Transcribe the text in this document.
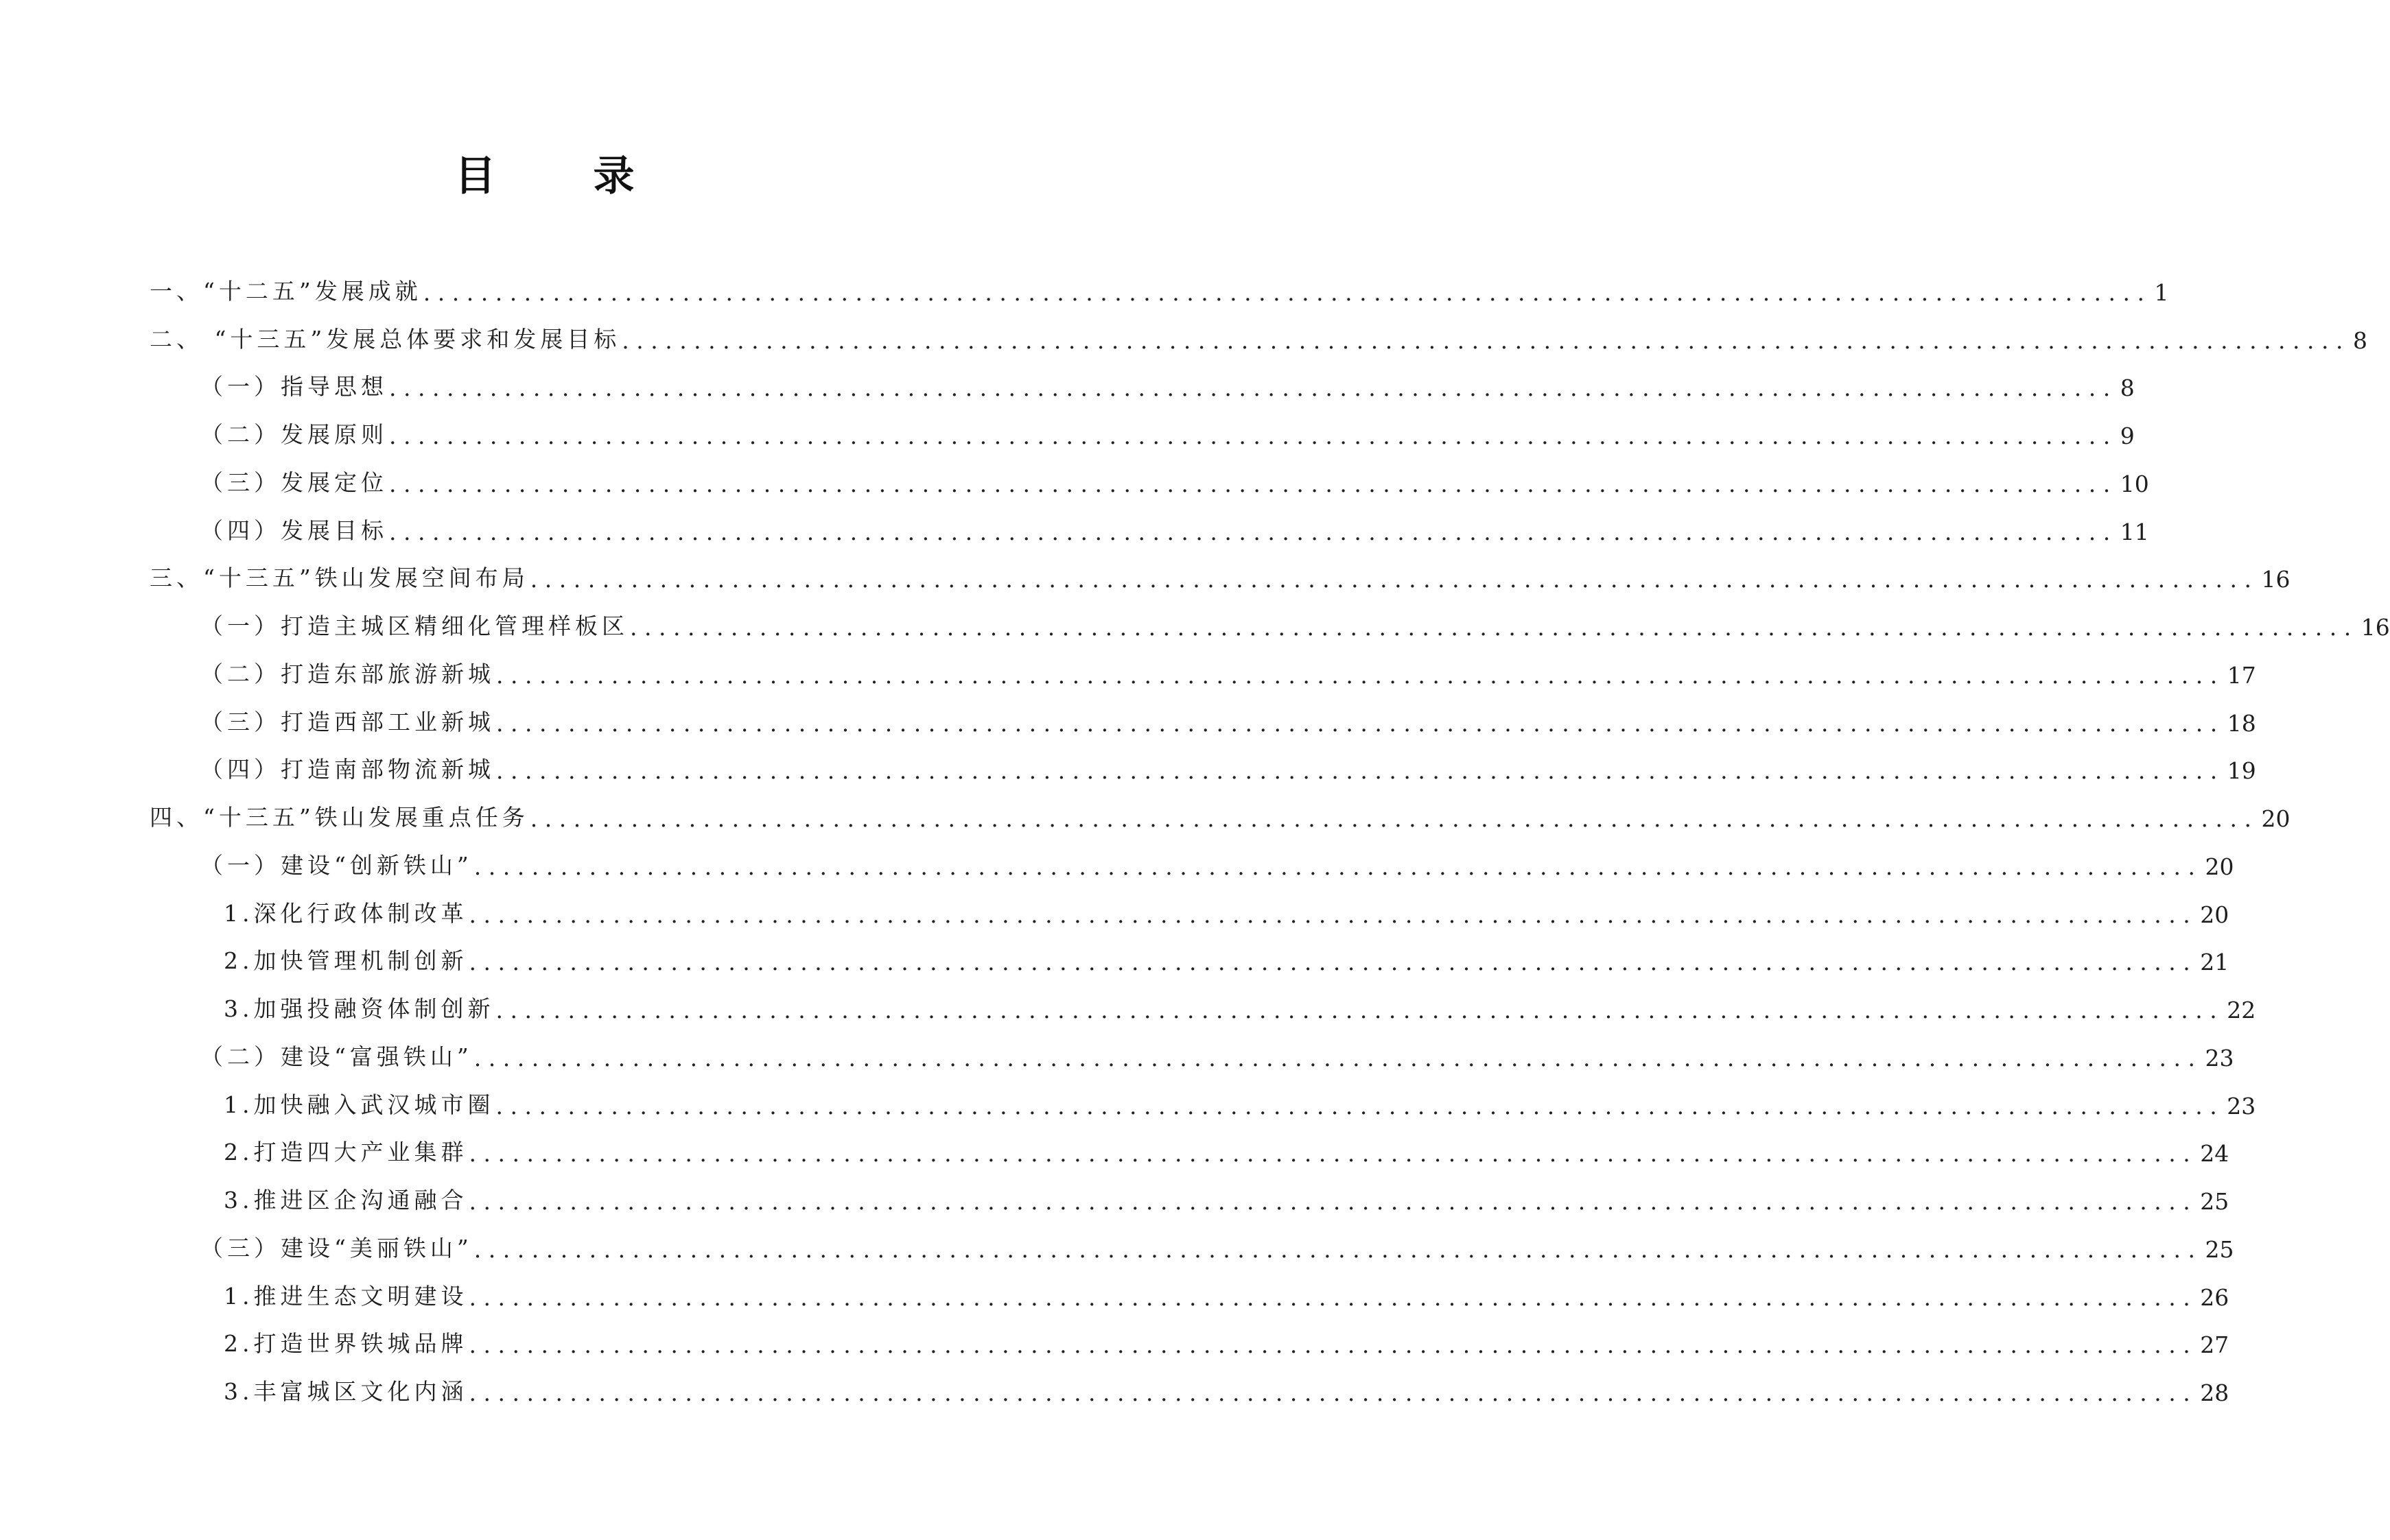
目 录
一、“十二五”发展成就 ........................................................................................................................ 1
二、 “十三五”发展总体要求和发展目标 ........................................................................................................................ 8
（一）指导思想 ........................................................................................................................ 8
（二）发展原则 ........................................................................................................................ 9
（三）发展定位 ........................................................................................................................ 10
（四）发展目标 ........................................................................................................................ 11
三、“十三五”铁山发展空间布局 ........................................................................................................................ 16
（一）打造主城区精细化管理样板区 ........................................................................................................................ 16
（二）打造东部旅游新城 ........................................................................................................................ 17
（三）打造西部工业新城 ........................................................................................................................ 18
（四）打造南部物流新城 ........................................................................................................................ 19
四、“十三五”铁山发展重点任务 ........................................................................................................................ 20
（一）建设“创新铁山” ........................................................................................................................ 20
1.深化行政体制改革 ........................................................................................................................ 20
2.加快管理机制创新 ........................................................................................................................ 21
3.加强投融资体制创新 ........................................................................................................................ 22
（二）建设“富强铁山” ........................................................................................................................ 23
1.加快融入武汉城市圈 ........................................................................................................................ 23
2.打造四大产业集群 ........................................................................................................................ 24
3.推进区企沟通融合 ........................................................................................................................ 25
（三）建设“美丽铁山” ........................................................................................................................ 25
1.推进生态文明建设 ........................................................................................................................ 26
2.打造世界铁城品牌 ........................................................................................................................ 27
3.丰富城区文化内涵 ........................................................................................................................ 28
